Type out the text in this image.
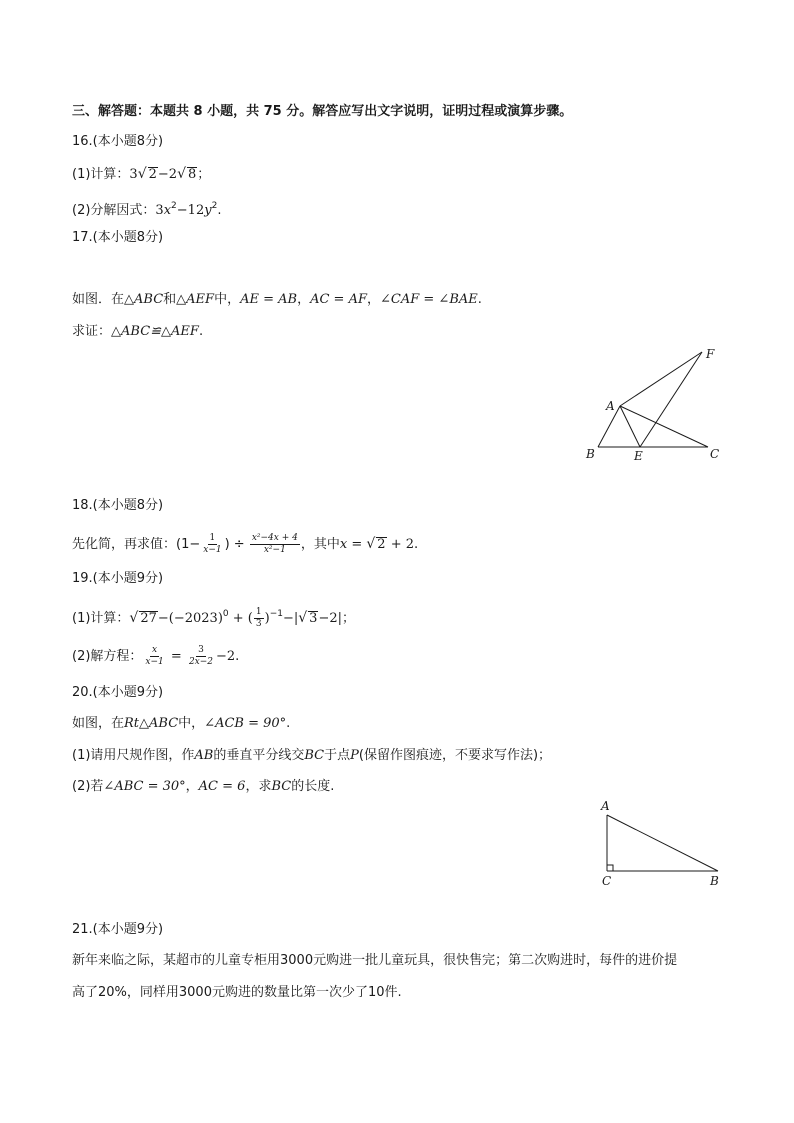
三、解答题：本题共 8 小题，共 75 分。解答应写出文字说明，证明过程或演算步骤。
16.(本小题8分)
(1)计算：3√ 2−2√ 8；
(2)分解因式：$3x^2-12y^2$.
17.(本小题8分)
如图．在△ABC和△AEF中，AE = AB，AC = AF，∠CAF = ∠BAE.
求证：△ABC≌△AEF.
F
A
B	E	C
18.(本小题8分)
先化简，再求值：($1- \frac{1}{x-1}$ ) ÷ $\frac{\text{x²−4x + 4}}{\text{x²−1}}$ ，其中x = √ 2 + 2.
19.(本小题9分)
(1)计算：√ $27-(-2023)^0$ + ( $\frac{1}{3} )^{-1}-|√$ 3−2|；
(2)解方程： $\frac{x}{x-1} = \frac{3}{2x-2} -2$.
20.(本小题9分)
如图，在Rt△ABC中，∠ACB = 90°.
(1)请用尺规作图，作AB的垂直平分线交BC于点P(保留作图痕迹，不要求写作法)；
(2)若∠ABC = 30°，AC = 6，求BC的长度.
A
C	B
21.(本小题9分)
新年来临之际，某超市的儿童专柜用3000元购进一批儿童玩具，很快售完；第二次购进时，每件的进价提
高了20%，同样用3000元购进的数量比第一次少了10件.
